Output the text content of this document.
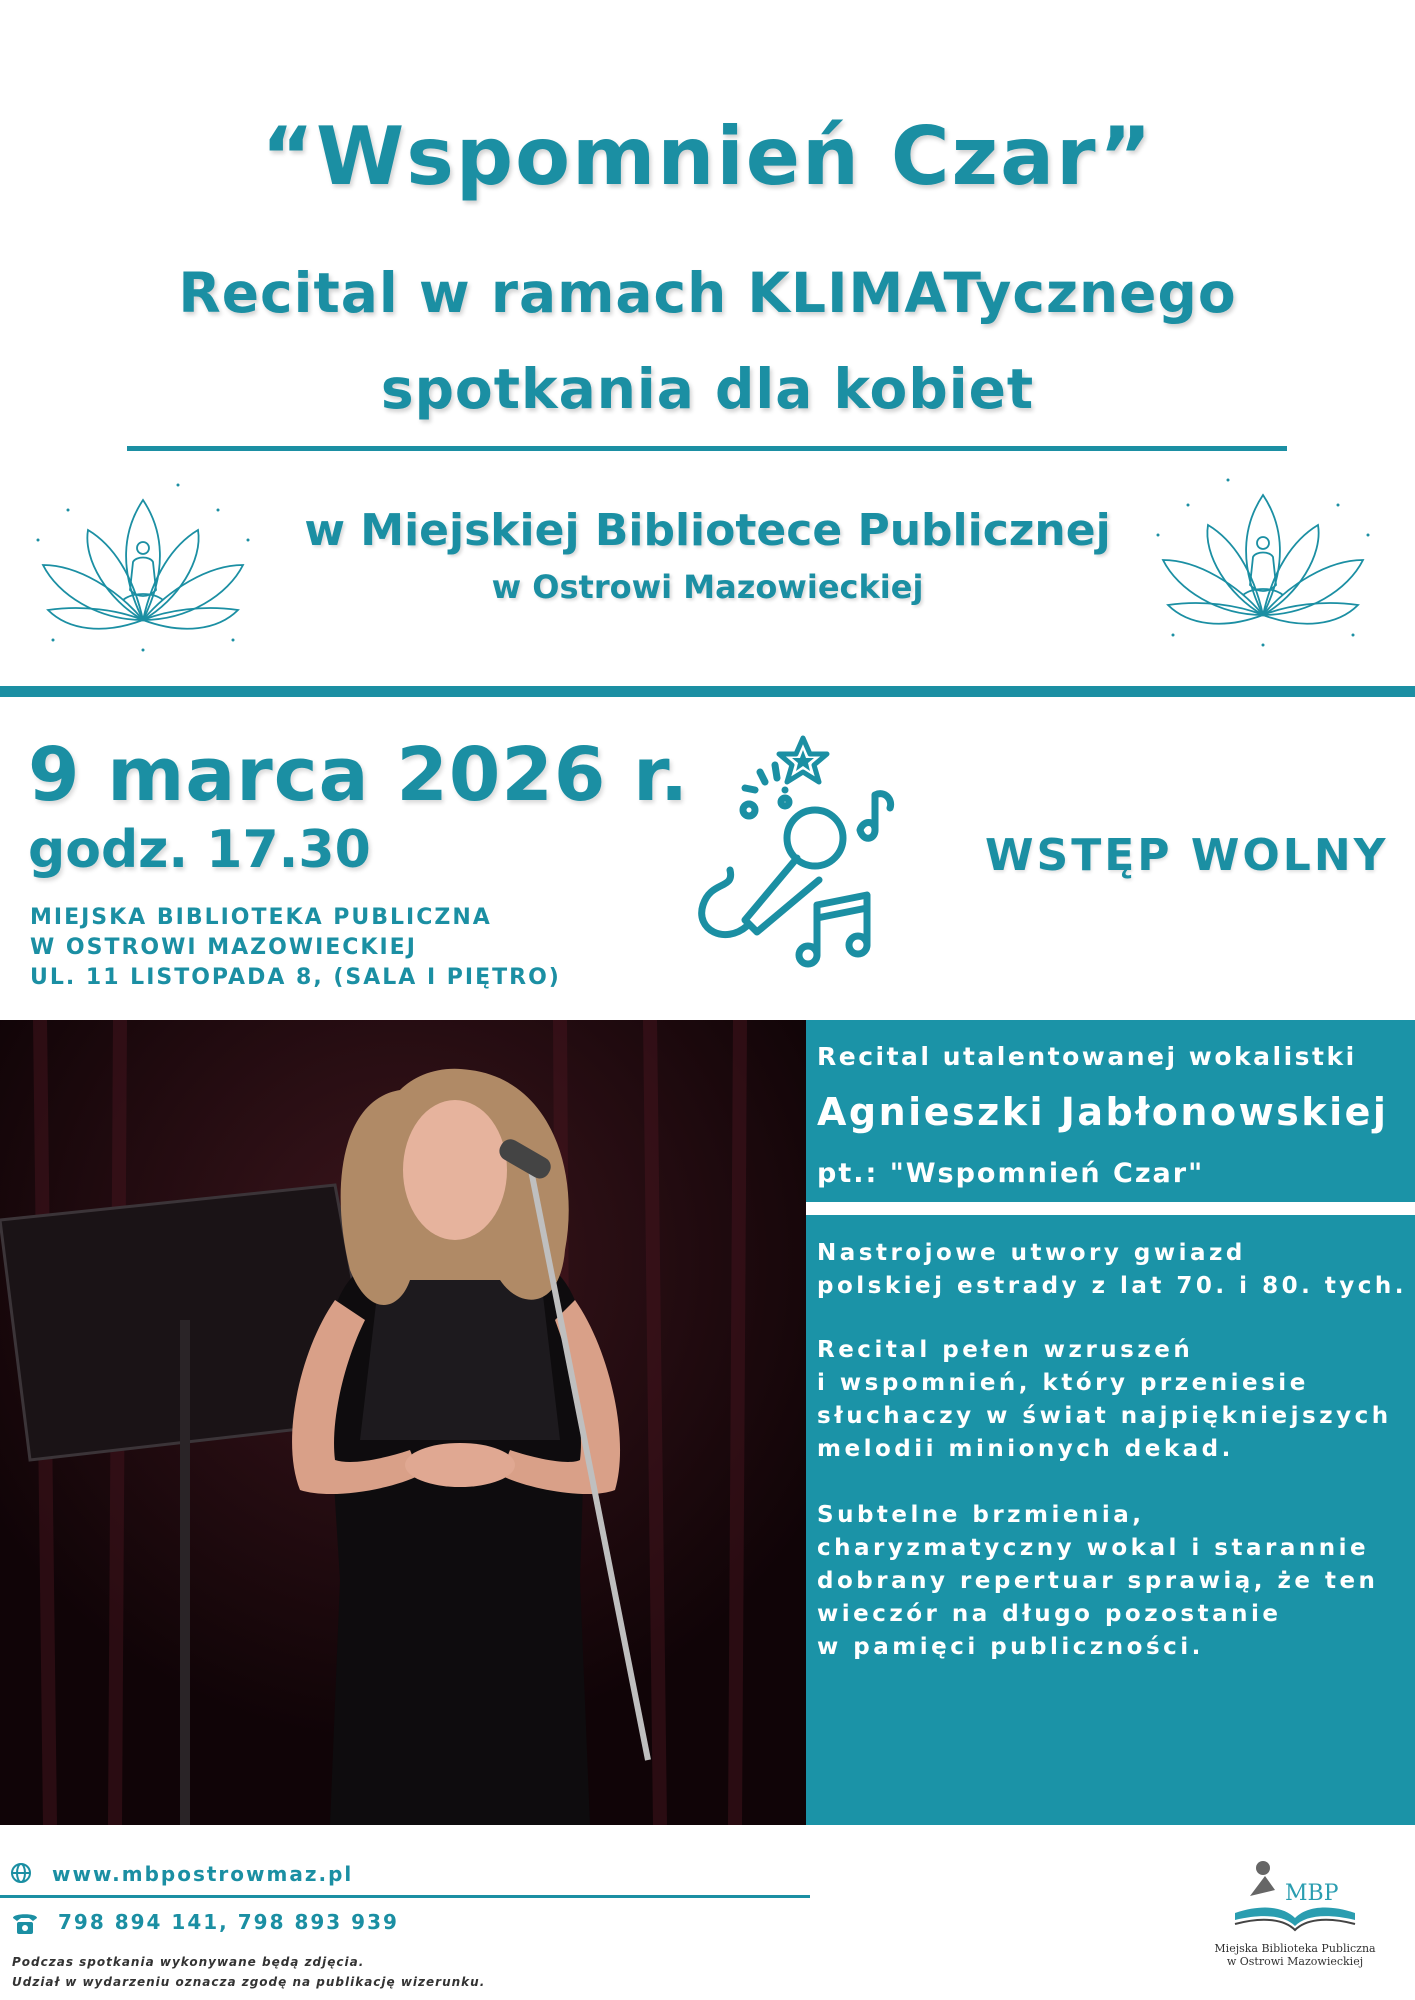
“Wspomnień Czar”
Recital w ramach KLIMATycznego
spotkania dla kobiet
w Miejskiej Bibliotece Publicznej
w Ostrowi Mazowieckiej
9 marca 2026 r.
godz. 17.30
MIEJSKA BIBLIOTEKA PUBLICZNA
W OSTROWI MAZOWIECKIEJ
UL. 11 LISTOPADA 8, (SALA I PIĘTRO)
WSTĘP WOLNY
Recital utalentowanej wokalistki
Agnieszki Jabłonowskiej
pt.: "Wspomnień Czar"
Nastrojowe utwory gwiazd
polskiej estrady z lat 70. i 80. tych.
Recital pełen wzruszeń
i wspomnień, który przeniesie
słuchaczy w świat najpiękniejszych
melodii minionych dekad.
Subtelne brzmienia,
charyzmatyczny wokal i starannie
dobrany repertuar sprawią, że ten
wieczór na długo pozostanie
w pamięci publiczności.
www.mbpostrowmaz.pl
798 894 141, 798 893 939
Podczas spotkania wykonywane będą zdjęcia.
Udział w wydarzeniu oznacza zgodę na publikację wizerunku.
MBP
Miejska Biblioteka Publiczna
w Ostrowi Mazowieckiej
